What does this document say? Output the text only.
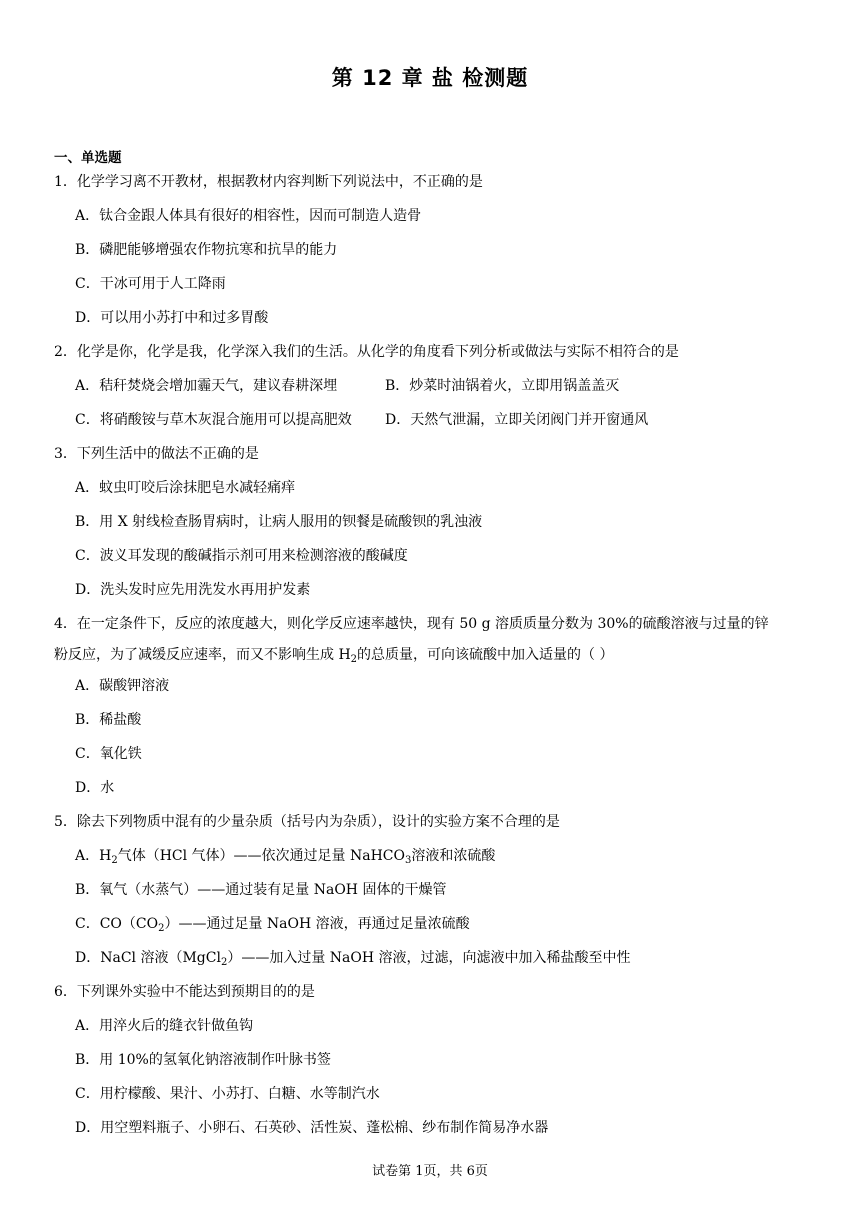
第 12 章 盐 检测题
一、单选题
1．化学学习离不开教材，根据教材内容判断下列说法中，不正确的是
A．钛合金跟人体具有很好的相容性，因而可制造人造骨
B．磷肥能够增强农作物抗寒和抗旱的能力
C．干冰可用于人工降雨
D．可以用小苏打中和过多胃酸
2．化学是你，化学是我，化学深入我们的生活。从化学的角度看下列分析或做法与实际不相符合的是
A．秸秆焚烧会增加霾天气，建议春耕深埋	B．炒菜时油锅着火，立即用锅盖盖灭
C．将硝酸铵与草木灰混合施用可以提高肥效 D．天然气泄漏，立即关闭阀门并开窗通风
3．下列生活中的做法不正确的是
A．蚊虫叮咬后涂抹肥皂水减轻痛痒
B．用 X 射线检查肠胃病时，让病人服用的钡餐是硫酸钡的乳浊液
C．波义耳发现的酸碱指示剂可用来检测溶液的酸碱度
D．洗头发时应先用洗发水再用护发素
4．在一定条件下，反应的浓度越大，则化学反应速率越快，现有 50 g 溶质质量分数为 30%的硫酸溶液与过量的锌
粉反应，为了减缓反应速率，而又不影响生成 $H_2$的总质量，可向该硫酸中加入适量的（ ）
A．碳酸钾溶液
B．稀盐酸
C．氧化铁
D．水
5．除去下列物质中混有的少量杂质（括号内为杂质），设计的实验方案不合理的是
A．$H_2$气体（HCl 气体）——依次通过足量 NaHCO$_3$溶液和浓硫酸
B．氧气（水蒸气）——通过装有足量 NaOH 固体的干燥管
C．$CO(CO_2)——$通过足量 NaOH 溶液，再通过足量浓硫酸
D．NaCl 溶液（MgCl$_2$）——加入过量 NaOH 溶液，过滤，向滤液中加入稀盐酸至中性
6．下列课外实验中不能达到预期目的的是
A．用淬火后的缝衣针做鱼钩
B．用 10%的氢氧化钠溶液制作叶脉书签
C．用柠檬酸、果汁、小苏打、白糖、水等制汽水
D．用空塑料瓶子、小卵石、石英砂、活性炭、蓬松棉、纱布制作简易净水器
试卷第 1页，共 6页
